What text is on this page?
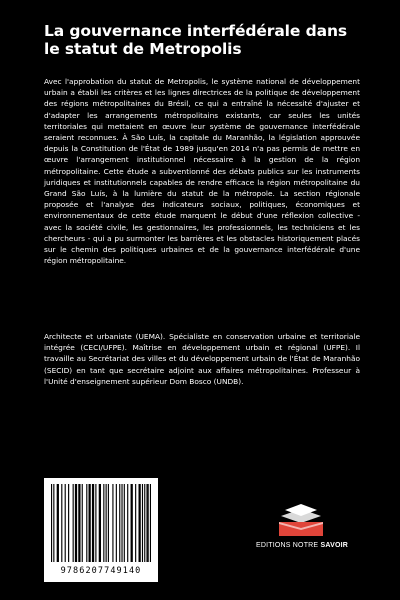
La gouvernance interfédérale dans le statut de Metropolis

Avec l'approbation du statut de Metropolis, le système national de développement urbain a établi les critères et les lignes directrices de la politique de développement des régions métropolitaines du Brésil, ce qui a entraîné la nécessité d'ajuster et d'adapter les arrangements métropolitains existants, car seules les unités territoriales qui mettaient en œuvre leur système de gouvernance interfédérale seraient reconnues. À São Luís, la capitale du Maranhão, la législation approuvée depuis la Constitution de l'État de 1989 jusqu'en 2014 n'a pas permis de mettre en œuvre l'arrangement institutionnel nécessaire à la gestion de la région métropolitaine. Cette étude a subventionné des débats publics sur les instruments juridiques et institutionnels capables de rendre efficace la région métropolitaine du Grand São Luís, à la lumière du statut de la métropole. La section régionale proposée et l'analyse des indicateurs sociaux, politiques, économiques et environnementaux de cette étude marquent le début d'une réflexion collective - avec la société civile, les gestionnaires, les professionnels, les techniciens et les chercheurs - qui a pu surmonter les barrières et les obstacles historiquement placés sur le chemin des politiques urbaines et de la gouvernance interfédérale d'une région métropolitaine.

Architecte et urbaniste (UEMA). Spécialiste en conservation urbaine et territoriale intégrée (CECI/UFPE). Maîtrise en développement urbain et régional (UFPE). Il travaille au Secrétariat des villes et du développement urbain de l'État de Maranhão (SECID) en tant que secrétaire adjoint aux affaires métropolitaines. Professeur à l'Unité d'enseignement supérieur Dom Bosco (UNDB).

9786207749140
EDITIONS NOTRE SAVOIR
